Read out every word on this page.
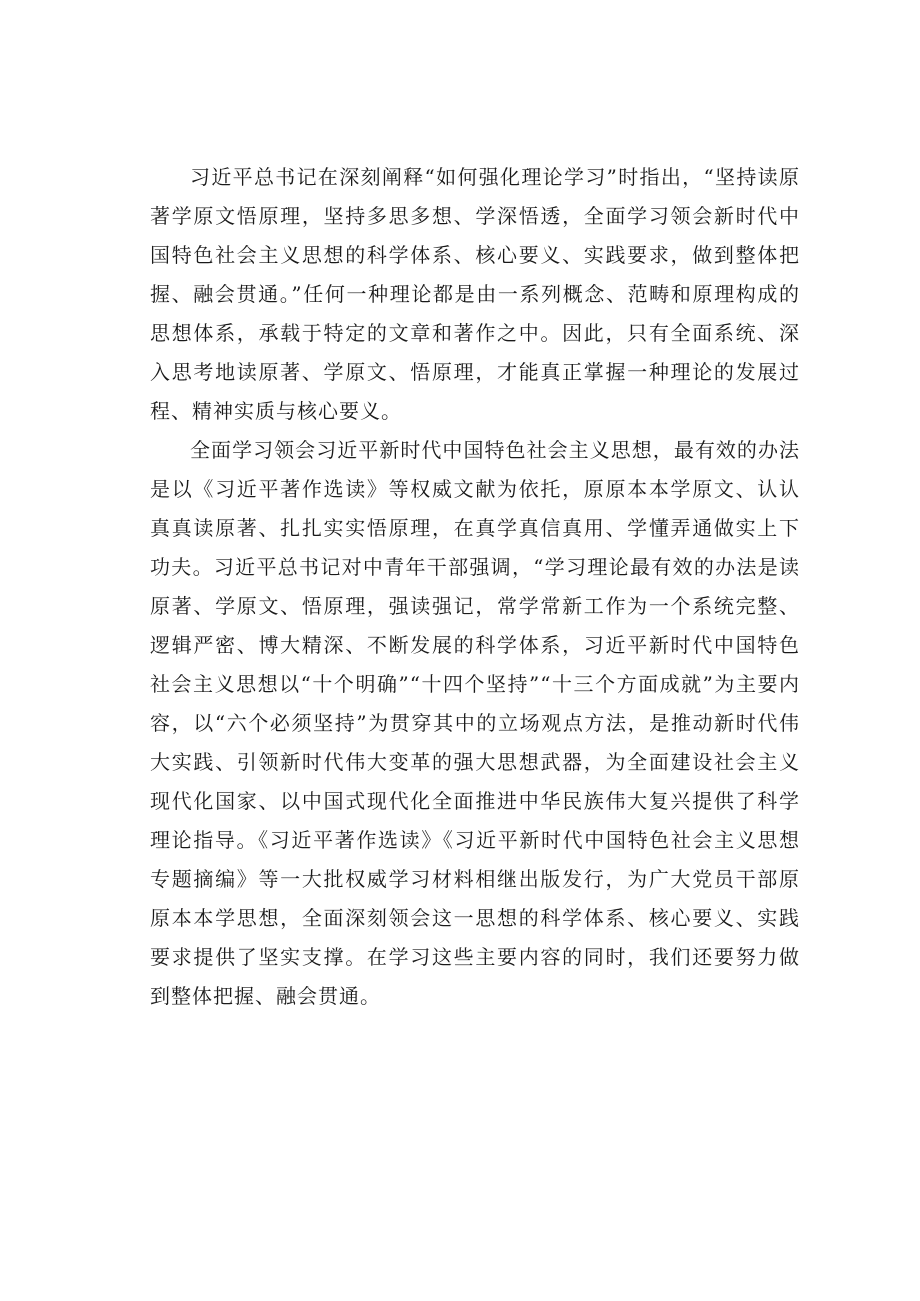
习近平总书记在深刻阐释“如何强化理论学习”时指出，“坚持读原著学原文悟原理，坚持多思多想、学深悟透，全面学习领会新时代中国特色社会主义思想的科学体系、核心要义、实践要求，做到整体把握、融会贯通。”任何一种理论都是由一系列概念、范畴和原理构成的思想体系，承载于特定的文章和著作之中。因此，只有全面系统、深入思考地读原著、学原文、悟原理，才能真正掌握一种理论的发展过程、精神实质与核心要义。

全面学习领会习近平新时代中国特色社会主义思想，最有效的办法是以《习近平著作选读》等权威文献为依托，原原本本学原文、认认真真读原著、扎扎实实悟原理，在真学真信真用、学懂弄通做实上下功夫。习近平总书记对中青年干部强调，“学习理论最有效的办法是读原著、学原文、悟原理，强读强记，常学常新工作为一个系统完整、逻辑严密、博大精深、不断发展的科学体系，习近平新时代中国特色社会主义思想以“十个明确”“十四个坚持”“十三个方面成就”为主要内容，以“六个必须坚持”为贯穿其中的立场观点方法，是推动新时代伟大实践、引领新时代伟大变革的强大思想武器，为全面建设社会主义现代化国家、以中国式现代化全面推进中华民族伟大复兴提供了科学理论指导。《习近平著作选读》《习近平新时代中国特色社会主义思想专题摘编》等一大批权威学习材料相继出版发行，为广大党员干部原原本本学思想，全面深刻领会这一思想的科学体系、核心要义、实践要求提供了坚实支撑。在学习这些主要内容的同时，我们还要努力做到整体把握、融会贯通。
